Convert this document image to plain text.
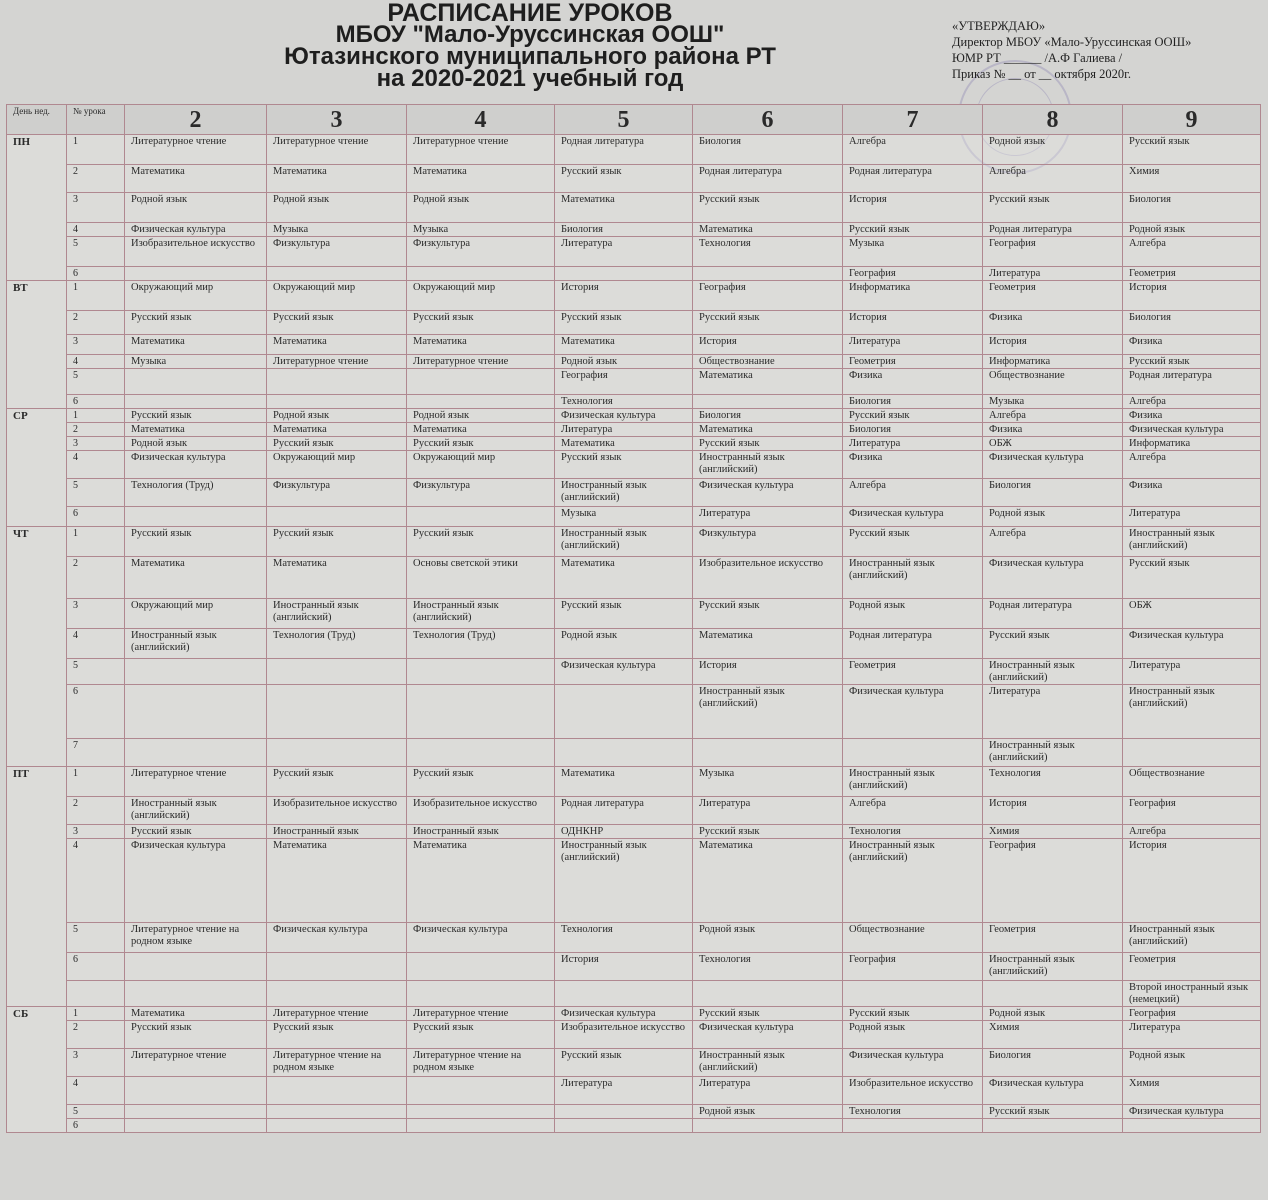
РАСПИСАНИЕ УРОКОВ
МБОУ "Мало-Уруссинская ООШ"
Ютазинского муниципального района РТ
на 2020-2021 учебный год
«УТВЕРЖДАЮ»
Директор МБОУ «Мало-Уруссинская ООШ»
ЮМР РТ ______ /А.Ф Галиева /
Приказ № __ от __ октября 2020г.
День нед.	№ урока	2	3	4	5	6	7	8	9
ПН	1	Литературное чтение	Литературное чтение	Литературное чтение	Родная литература	Биология	Алгебра	Родной язык	Русский язык
	2	Математика	Математика	Математика	Русский язык	Родная литература	Родная литература	Алгебра	Химия
	3	Родной язык	Родной язык	Родной язык	Математика	Русский язык	История	Русский язык	Биология
	4	Физическая культура	Музыка	Музыка	Биология	Математика	Русский язык	Родная литература	Родной язык
	5	Изобразительное искусство	Физкультура	Физкультура	Литература	Технология	Музыка	География	Алгебра
	6						География	Литература	Геометрия
ВТ	1	Окружающий мир	Окружающий мир	Окружающий мир	История	География	Информатика	Геометрия	История
	2	Русский язык	Русский язык	Русский язык	Русский язык	Русский язык	История	Физика	Биология
	3	Математика	Математика	Математика	Математика	История	Литература	История	Физика
	4	Музыка	Литературное чтение	Литературное чтение	Родной язык	Обществознание	Геометрия	Информатика	Русский язык
	5				География	Математика	Физика	Обществознание	Родная литература
	6				Технология		Биология	Музыка	Алгебра
СР	1	Русский язык	Родной язык	Родной язык	Физическая культура	Биология	Русский язык	Алгебра	Физика
	2	Математика	Математика	Математика	Литература	Математика	Биология	Физика	Физическая культура
	3	Родной язык	Русский язык	Русский язык	Математика	Русский язык	Литература	ОБЖ	Информатика
	4	Физическая культура	Окружающий мир	Окружающий мир	Русский язык	Иностранный язык (английский)	Физика	Физическая культура	Алгебра
	5	Технология (Труд)	Физкультура	Физкультура	Иностранный язык (английский)	Физическая культура	Алгебра	Биология	Физика
	6				Музыка	Литература	Физическая культура	Родной язык	Литература
ЧТ	1	Русский язык	Русский язык	Русский язык	Иностранный язык (английский)	Физкультура	Русский язык	Алгебра	Иностранный язык (английский)
	2	Математика	Математика	Основы светской этики	Математика	Изобразительное искусство	Иностранный язык (английский)	Физическая культура	Русский язык
	3	Окружающий мир	Иностранный язык (английский)	Иностранный язык (английский)	Русский язык	Русский язык	Родной язык	Родная литература	ОБЖ
	4	Иностранный язык (английский)	Технология (Труд)	Технология (Труд)	Родной язык	Математика	Родная литература	Русский язык	Физическая культура
	5				Физическая культура	История	Геометрия	Иностранный язык (английский)	Литература
	6					Иностранный язык (английский)	Физическая культура	Литература	Иностранный язык (английский)
	7							Иностранный язык (английский)	
ПТ	1	Литературное чтение	Русский язык	Русский язык	Математика	Музыка	Иностранный язык (английский)	Технология	Обществознание
	2	Иностранный язык (английский)	Изобразительное искусство	Изобразительное искусство	Родная литература	Литература	Алгебра	История	География
	3	Русский язык	Иностранный язык	Иностранный язык	ОДНКНР	Русский язык	Технология	Химия	Алгебра
	4	Физическая культура	Математика	Математика	Иностранный язык (английский)	Математика	Иностранный язык (английский)	География	История
	5	Литературное чтение на родном языке	Физическая культура	Физическая культура	Технология	Родной язык	Обществознание	Геометрия	Иностранный язык (английский)
	6				История	Технология	География	Иностранный язык (английский)	Геометрия
									Второй иностранный язык (немецкий)
СБ	1	Математика	Литературное чтение	Литературное чтение	Физическая культура	Русский язык	Русский язык	Родной язык	География
	2	Русский язык	Русский язык	Русский язык	Изобразительное искусство	Физическая культура	Родной язык	Химия	Литература
	3	Литературное чтение	Литературное чтение на родном языке	Литературное чтение на родном языке	Русский язык	Иностранный язык (английский)	Физическая культура	Биология	Родной язык
	4				Литература	Литература	Изобразительное искусство	Физическая культура	Химия
	5					Родной язык	Технология	Русский язык	Физическая культура
	6								
